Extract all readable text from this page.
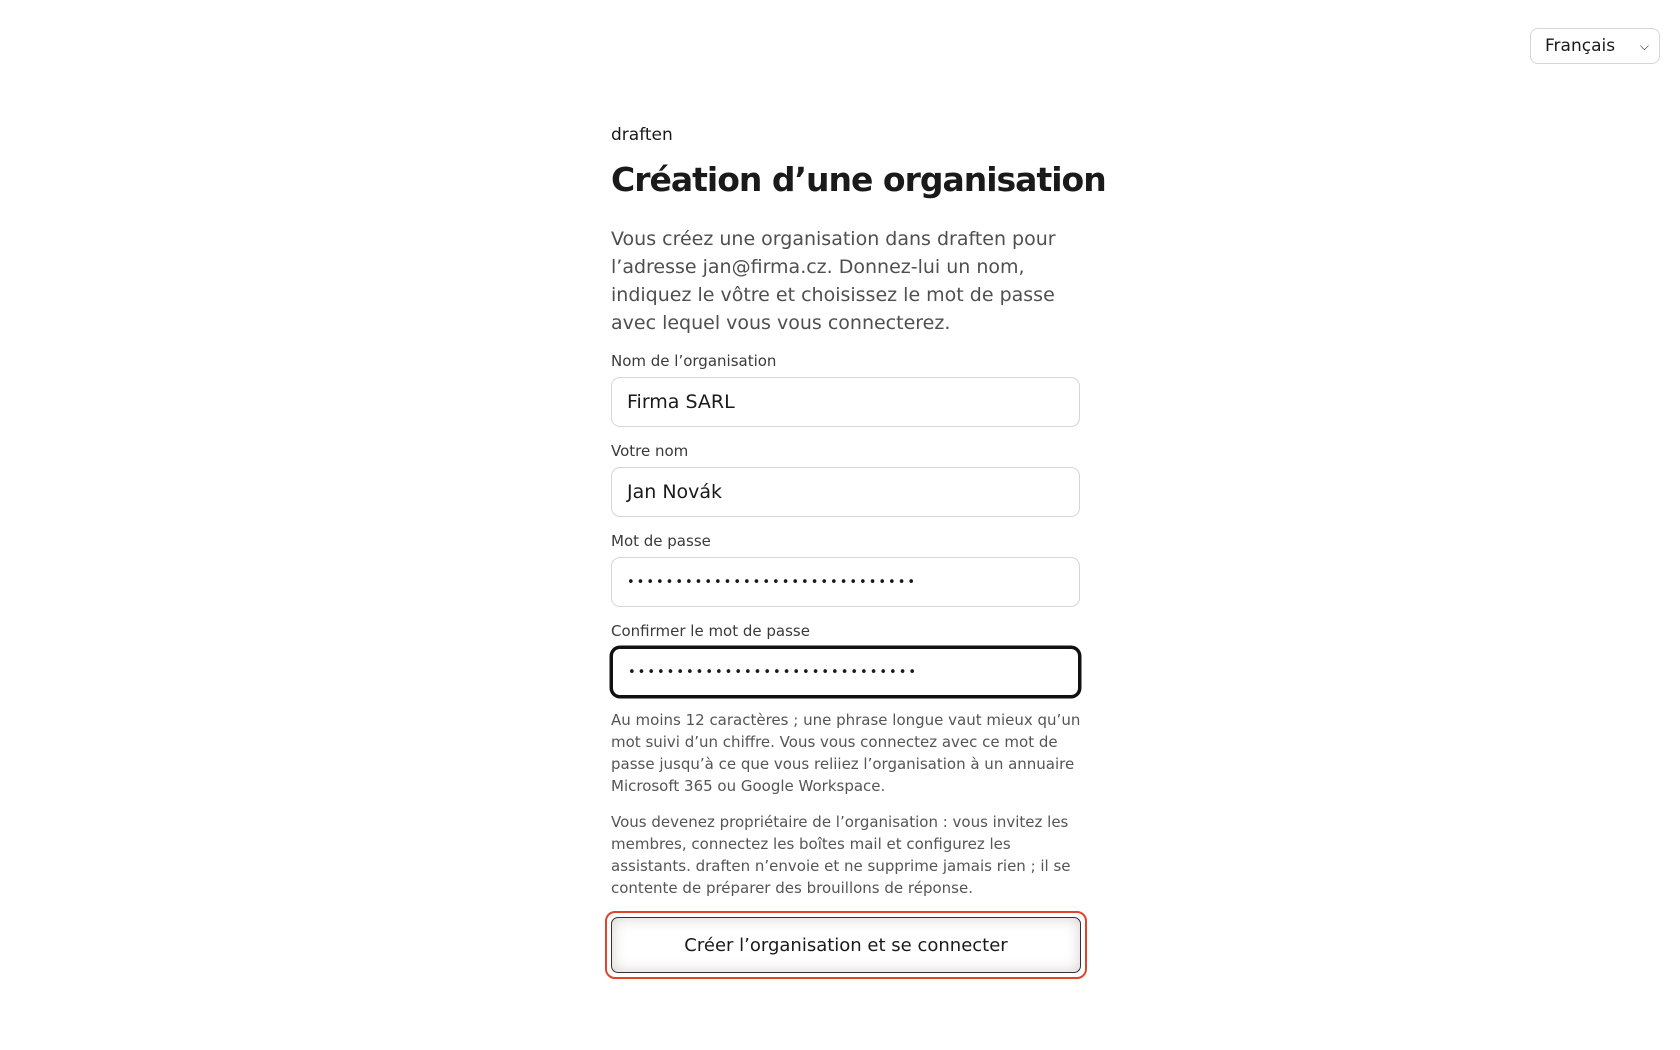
Français ⌵
draften
Création d’une organisation

Vous créez une organisation dans draften pour l’adresse jan@firma.cz. Donnez-lui un nom, indiquez le vôtre et choisissez le mot de passe avec lequel vous vous connecterez.

Nom de l’organisation
Firma SARL
Votre nom
Jan Novák
Mot de passe
••••••••••••••••••••••••••••••
Confirmer le mot de passe
••••••••••••••••••••••••••••••

Au moins 12 caractères ; une phrase longue vaut mieux qu’un mot suivi d’un chiffre. Vous vous connectez avec ce mot de passe jusqu’à ce que vous reliiez l’organisation à un annuaire Microsoft 365 ou Google Workspace.

Vous devenez propriétaire de l’organisation : vous invitez les membres, connectez les boîtes mail et configurez les assistants. draften n’envoie et ne supprime jamais rien ; il se contente de préparer des brouillons de réponse.

Créer l’organisation et se connecter
